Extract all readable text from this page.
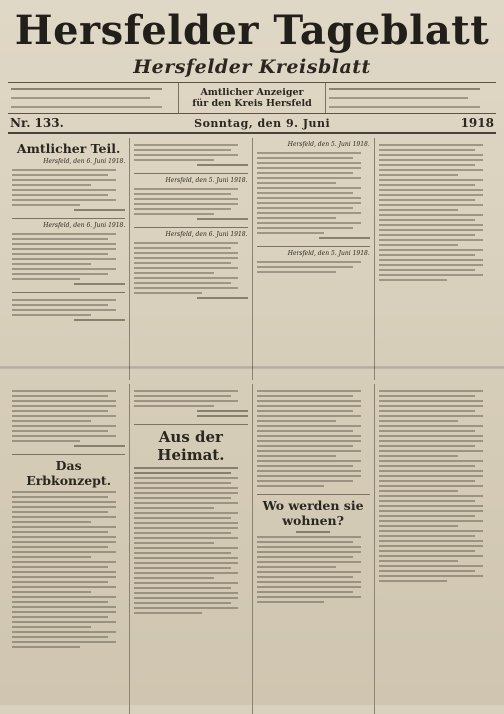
Hersfelder Tageblatt
Hersfelder Kreisblatt
Amtlicher Anzeiger
für den Kreis Hersfeld
Nr. 133.	Sonntag, den 9. Juni	1918
Amtlicher Teil.
Hersfeld, den 6. Juni 1918.
Hersfeld, den 6. Juni 1918.
Hersfeld, den 5. Juni 1918.
Hersfeld, den 6. Juni 1918.
Hersfeld, den 5. Juni 1918.
Hersfeld, den 5. Juni 1918.
Das Erbkonzept.
Aus der Heimat.
Wo werden sie wohnen?
